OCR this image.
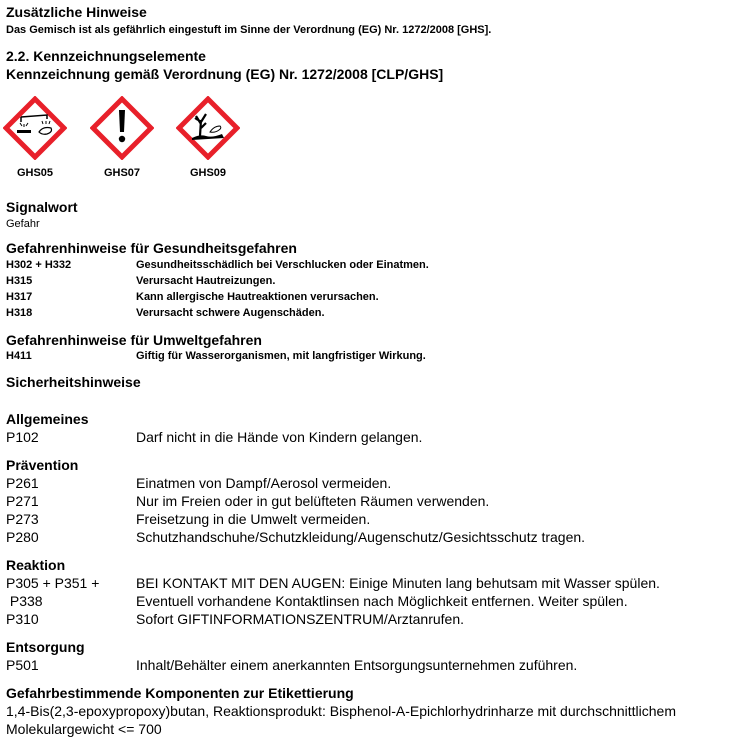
Zusätzliche Hinweise
Das Gemisch ist als gefährlich eingestuft im Sinne der Verordnung (EG) Nr. 1272/2008 [GHS].
2.2. Kennzeichnungselemente
Kennzeichnung gemäß Verordnung (EG) Nr. 1272/2008 [CLP/GHS]
GHS05	GHS07	GHS09
Signalwort
Gefahr
Gefahrenhinweise für Gesundheitsgefahren
H302 + H332	Gesundheitsschädlich bei Verschlucken oder Einatmen.
H315	Verursacht Hautreizungen.
H317	Kann allergische Hautreaktionen verursachen.
H318	Verursacht schwere Augenschäden.
Gefahrenhinweise für Umweltgefahren
H411	Giftig für Wasserorganismen, mit langfristiger Wirkung.
Sicherheitshinweise
Allgemeines
P102	Darf nicht in die Hände von Kindern gelangen.
Prävention
P261	Einatmen von Dampf/Aerosol vermeiden.
P271	Nur im Freien oder in gut belüfteten Räumen verwenden.
P273	Freisetzung in die Umwelt vermeiden.
P280	Schutzhandschuhe/Schutzkleidung/Augenschutz/Gesichtsschutz tragen.
Reaktion
P305 + P351 +	BEI KONTAKT MIT DEN AUGEN: Einige Minuten lang behutsam mit Wasser spülen.
P338	Eventuell vorhandene Kontaktlinsen nach Möglichkeit entfernen. Weiter spülen.
P310	Sofort GIFTINFORMATIONSZENTRUM/Arztanrufen.
Entsorgung
P501	Inhalt/Behälter einem anerkannten Entsorgungsunternehmen zuführen.
Gefahrbestimmende Komponenten zur Etikettierung
1,4-Bis(2,3-epoxypropoxy)butan, Reaktionsprodukt: Bisphenol-A-Epichlorhydrinharze mit durchschnittlichem
Molekulargewicht <= 700
